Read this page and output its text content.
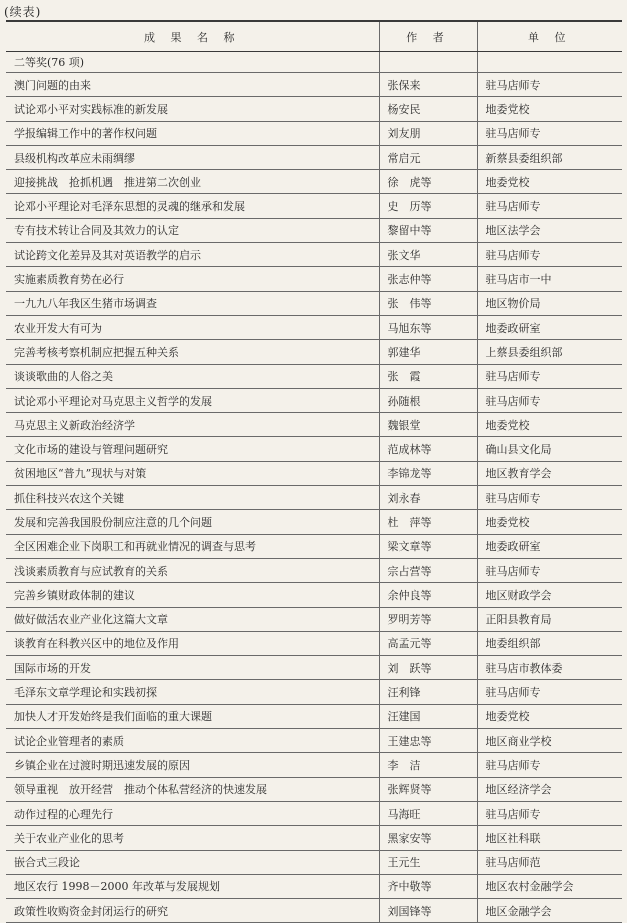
(续表)
成 果 名 称	作 者	单 位
二等奖(76 项)		
澳门问题的由来	张保来	驻马店师专
试论邓小平对实践标准的新发展	杨安民	地委党校
学报编辑工作中的著作权问题	刘友朋	驻马店师专
县级机构改革应未雨绸缪	常启元	新蔡县委组织部
迎接挑战　抢抓机遇　推进第二次创业	徐　虎等	地委党校
论邓小平理论对毛泽东思想的灵魂的继承和发展	史　历等	驻马店师专
专有技术转让合同及其效力的认定	黎留中等	地区法学会
试论跨文化差异及其对英语教学的启示	张文华	驻马店师专
实施素质教育势在必行	张志仲等	驻马店市一中
一九九八年我区生猪市场调查	张　伟等	地区物价局
农业开发大有可为	马旭东等	地委政研室
完善考核考察机制应把握五种关系	郭建华	上蔡县委组织部
谈谈歌曲的人俗之美	张　霞	驻马店师专
试论邓小平理论对马克思主义哲学的发展	孙随根	驻马店师专
马克思主义新政治经济学	魏银堂	地委党校
文化市场的建设与管理问题研究	范成林等	确山县文化局
贫困地区“普九”现状与对策	李锦龙等	地区教育学会
抓住科技兴农这个关键	刘永春	驻马店师专
发展和完善我国股份制应注意的几个问题	杜　萍等	地委党校
全区困难企业下岗职工和再就业情况的调查与思考	梁文章等	地委政研室
浅谈素质教育与应试教育的关系	宗占营等	驻马店师专
完善乡镇财政体制的建议	余仲良等	地区财政学会
做好做活农业产业化这篇大文章	罗明芳等	正阳县教育局
谈教育在科教兴区中的地位及作用	高孟元等	地委组织部
国际市场的开发	刘　跃等	驻马店市教体委
毛泽东文章学理论和实践初探	汪利锋	驻马店师专
加快人才开发始终是我们面临的重大课题	汪建国	地委党校
试论企业管理者的素质	王建忠等	地区商业学校
乡镇企业在过渡时期迅速发展的原因	李　洁	驻马店师专
领导重视　放开经营　推动个体私营经济的快速发展	张辉贤等	地区经济学会
动作过程的心理先行	马海旺	驻马店师专
关于农业产业化的思考	黑家安等	地区社科联
嵌合式三段论	王元生	驻马店师范
地区农行 1998－2000 年改革与发展规划	齐中敬等	地区农村金融学会
政策性收购资金封闭运行的研究	刘国锋等	地区金融学会
